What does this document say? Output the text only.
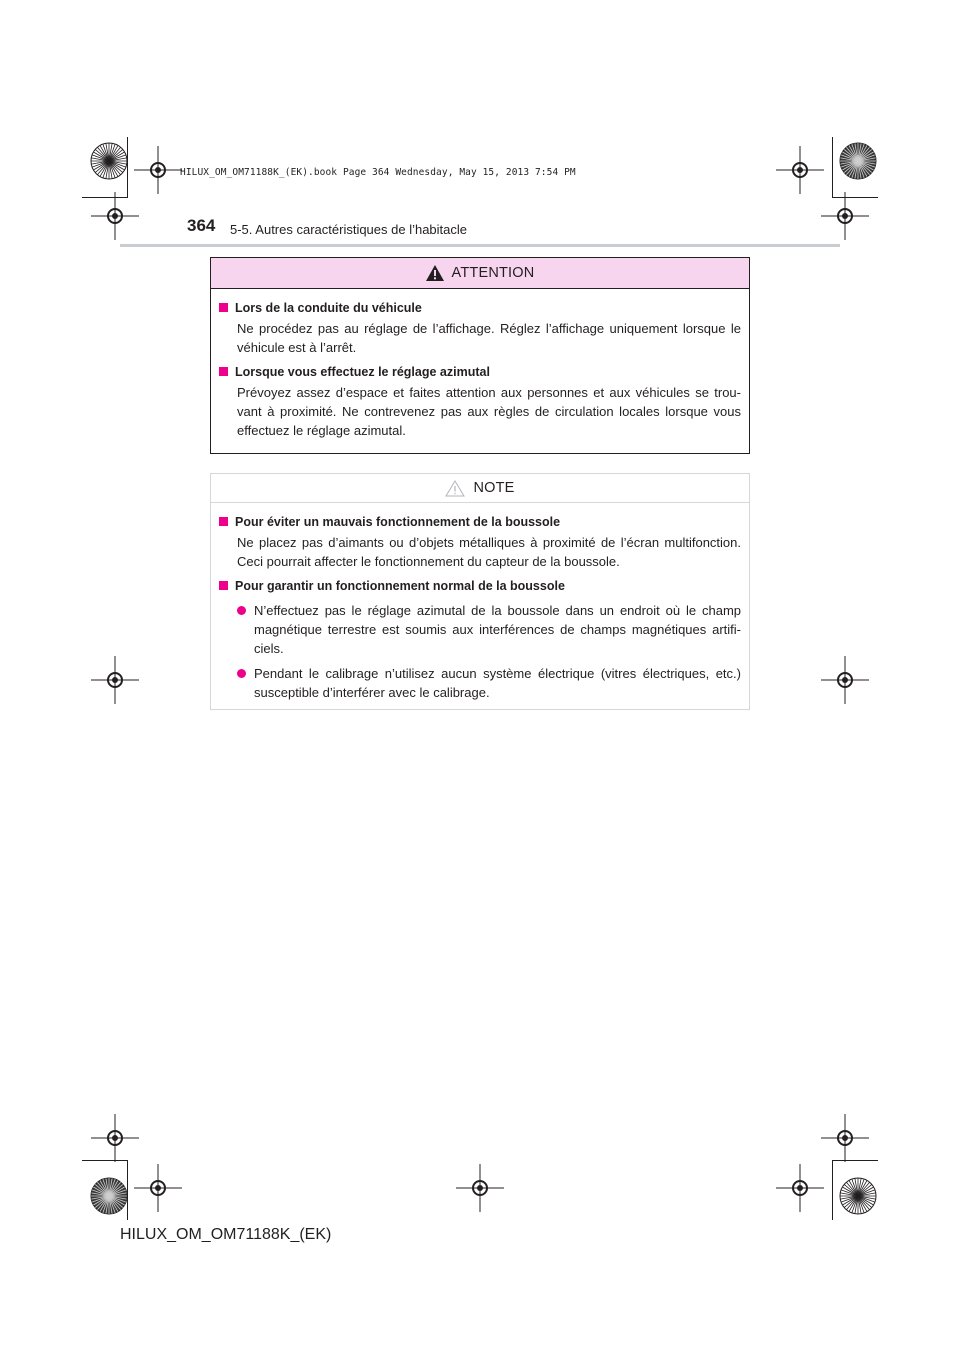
HILUX_OM_OM71188K_(EK).book Page 364 Wednesday, May 15, 2013 7:54 PM
364 5-5. Autres caractéristiques de l’habitacle
ATTENTION
Lors de la conduite du véhicule
Ne procédez pas au réglage de l’affichage. Réglez l’affichage uniquement lorsque le véhicule est à l’arrêt.
Lorsque vous effectuez le réglage azimutal
Prévoyez assez d’espace et faites attention aux personnes et aux véhicules se trou-vant à proximité. Ne contrevenez pas aux règles de circulation locales lorsque vous effectuez le réglage azimutal.
NOTE
Pour éviter un mauvais fonctionnement de la boussole
Ne placez pas d’aimants ou d’objets métalliques à proximité de l’écran multifonction. Ceci pourrait affecter le fonctionnement du capteur de la boussole.
Pour garantir un fonctionnement normal de la boussole
N’effectuez pas le réglage azimutal de la boussole dans un endroit où le champ magnétique terrestre est soumis aux interférences de champs magnétiques artifi-ciels.
Pendant le calibrage n’utilisez aucun système électrique (vitres électriques, etc.) susceptible d’interférer avec le calibrage.
HILUX_OM_OM71188K_(EK)
